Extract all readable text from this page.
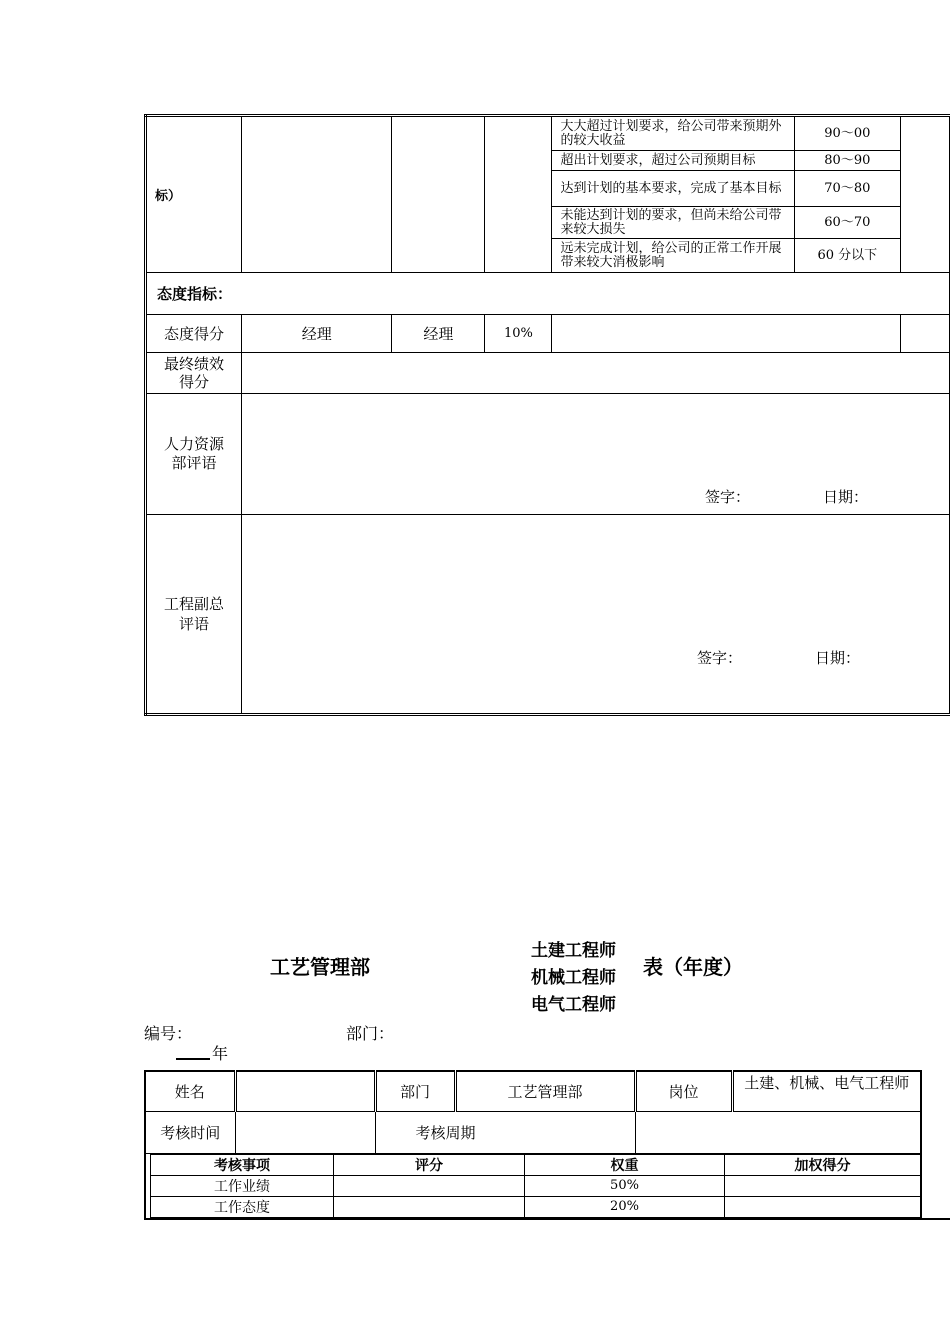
标）				大大超过计划要求，给公司带来预期外的较大收益	90～00	
				超出计划要求，超过公司预期目标	80～90	
				达到计划的基本要求，完成了基本目标	70～80	
				未能达到计划的要求，但尚未给公司带来较大损失	60～70	
				远未完成计划，给公司的正常工作开展带来较大消极影响	60 分以下	
态度指标：						
态度得分	经理	经理	10%			
最终绩效得分						
人力资源部评语						
工程副总评语						
签字：	日期：
签字：	日期：
工艺管理部
土建工程师
机械工程师
电气工程师
表（年度）
编号：	部门：
年
姓名		部门	工艺管理部	岗位	土建、机械、电气工程师
考核时间		考核周期	

考核事项	评分	权重	加权得分
工作业绩		50%	
工作态度		20%	
